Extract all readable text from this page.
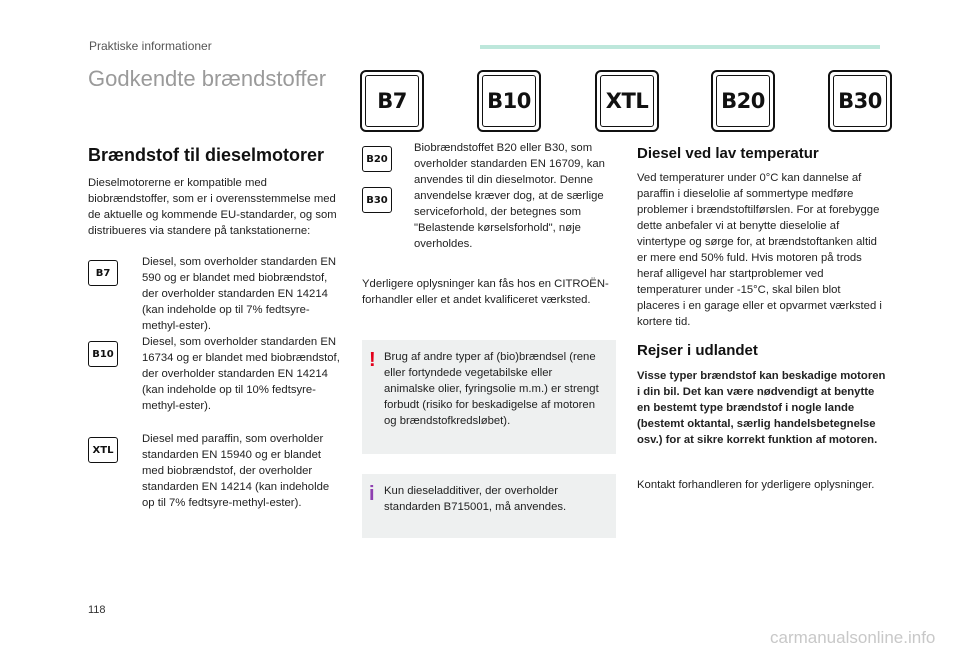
Praktiske informationer
Godkendte brændstoffer
B7	B10	XTL	B20	B30
Brændstof til dieselmotorer
Dieselmotorerne er kompatible med biobrændstoffer, som er i overensstemmelse med de aktuelle og kommende EU-standarder, og som distribueres via standere på tankstationerne:
B7
Diesel, som overholder standarden EN 590 og er blandet med biobrændstof, der overholder standarden EN 14214 (kan indeholde op til 7% fedtsyre-methyl-ester).
B10
Diesel, som overholder standarden EN 16734 og er blandet med biobrændstof, der overholder standarden EN 14214 (kan indeholde op til 10% fedtsyre-methyl-ester).
XTL
Diesel med paraffin, som overholder standarden EN 15940 og er blandet med biobrændstof, der overholder standarden EN 14214 (kan indeholde op til 7% fedtsyre-methyl-ester).
B20
B30
Biobrændstoffet B20 eller B30, som overholder standarden EN 16709, kan anvendes til din dieselmotor. Denne anvendelse kræver dog, at de særlige serviceforhold, der betegnes som "Belastende kørselsforhold", nøje overholdes.
Yderligere oplysninger kan fås hos en CITROËN-forhandler eller et andet kvalificeret værksted.
! Brug af andre typer af (bio)brændsel (rene eller fortyndede vegetabilske eller animalske olier, fyringsolie m.m.) er strengt forbudt (risiko for beskadigelse af motoren og brændstofkredsløbet).
i Kun dieseladditiver, der overholder standarden B715001, må anvendes.
Diesel ved lav temperatur
Ved temperaturer under 0°C kan dannelse af paraffin i dieselolie af sommertype medføre problemer i brændstoftilførslen. For at forebygge dette anbefaler vi at benytte dieselolie af vintertype og sørge for, at brændstoftanken altid er mere end 50% fuld. Hvis motoren på trods heraf alligevel har startproblemer ved temperaturer under -15°C, skal bilen blot placeres i en garage eller et opvarmet værksted i kortere tid.
Rejser i udlandet
Visse typer brændstof kan beskadige motoren i din bil. Det kan være nødvendigt at benytte en bestemt type brændstof i nogle lande (bestemt oktantal, særlig handelsbetegnelse osv.) for at sikre korrekt funktion af motoren.
Kontakt forhandleren for yderligere oplysninger.
118
carmanualsonline.info
